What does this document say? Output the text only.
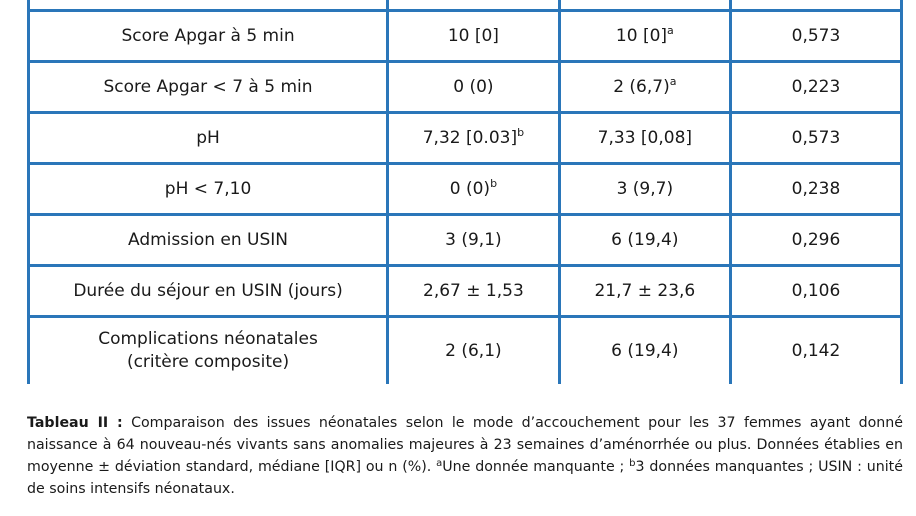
Score Apgar à 5 min	10 [0]	10 $[0]^a$	0,573
Score Apgar < 7 à 5 min	0 (0)	2 $(6,7)^a$	0,223
pH	7,32 $[0.03]^b$	7,33 [0,08]	0,573
pH < 7,10	0 $(0)^b$	3 (9,7)	0,238
Admission en USIN	3 (9,1)	6 (19,4)	0,296
Durée du séjour en USIN (jours)	2,67 ± 1,53	21,7 ± 23,6	0,106
Complications néonatales
(critère composite)	2 (6,1)	6 (19,4)	0,142
Tableau II : Comparaison des issues néonatales selon le mode d’accouchement pour les 37 femmes ayant donné naissance à 64 nouveau-nés vivants sans anomalies majeures à 23 semaines d’aménorrhée ou plus. Données établies en moyenne ± déviation standard, médiane [IQR] ou n (%). $^a$Une donnée manquante ; $^b$3 données manquantes ; USIN : unité de soins intensifs néonataux.
